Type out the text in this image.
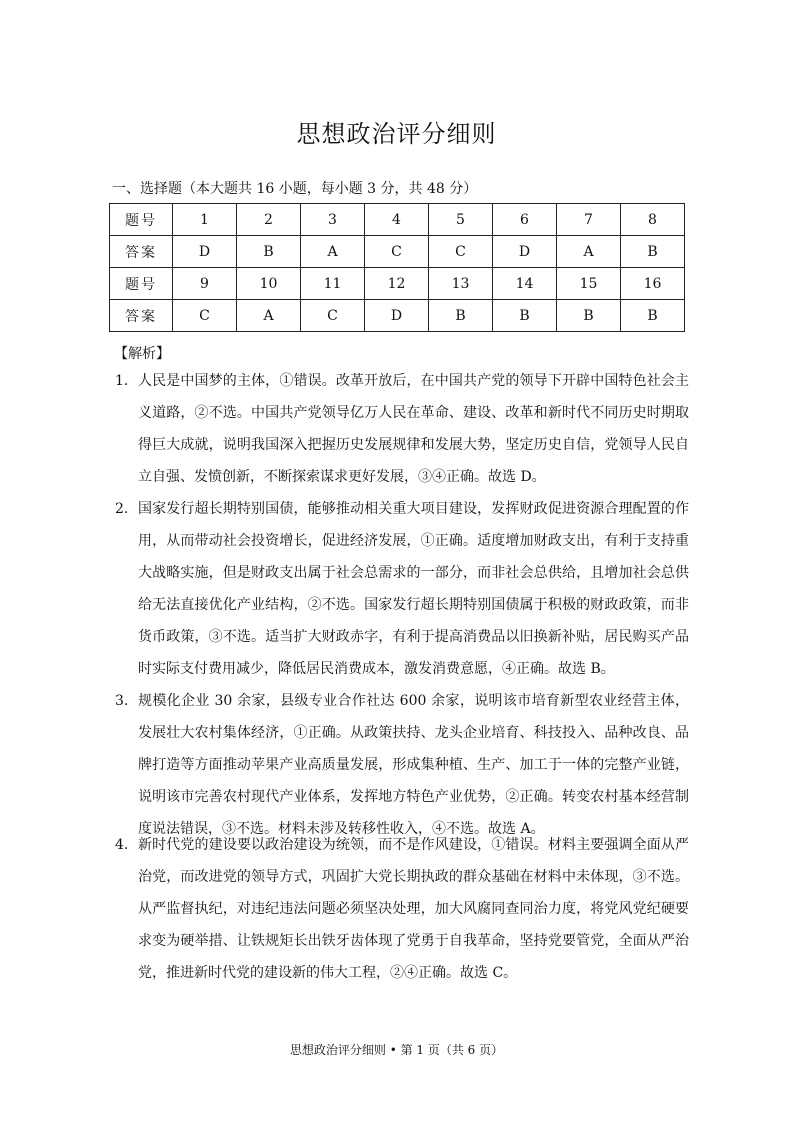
思想政治评分细则
一、选择题（本大题共 16 小题，每小题 3 分，共 48 分）
题号	1	2	3	4	5	6	7	8
答案	D	B	A	C	C	D	A	B
题号	9	10	11	12	13	14	15	16
答案	C	A	C	D	B	B	B	B
【解析】
1. 人民是中国梦的主体，①错误。改革开放后，在中国共产党的领导下开辟中国特色社会主义道路，②不选。中国共产党领导亿万人民在革命、建设、改革和新时代不同历史时期取得巨大成就，说明我国深入把握历史发展规律和发展大势，坚定历史自信，党领导人民自立自强、发愤创新，不断探索谋求更好发展，③④正确。故选 D。
2. 国家发行超长期特别国债，能够推动相关重大项目建设，发挥财政促进资源合理配置的作用，从而带动社会投资增长，促进经济发展，①正确。适度增加财政支出，有利于支持重大战略实施，但是财政支出属于社会总需求的一部分，而非社会总供给，且增加社会总供给无法直接优化产业结构，②不选。国家发行超长期特别国债属于积极的财政政策，而非货币政策，③不选。适当扩大财政赤字，有利于提高消费品以旧换新补贴，居民购买产品时实际支付费用减少，降低居民消费成本，激发消费意愿，④正确。故选 B。
3. 规模化企业 30 余家，县级专业合作社达 600 余家，说明该市培育新型农业经营主体，发展壮大农村集体经济，①正确。从政策扶持、龙头企业培育、科技投入、品种改良、品牌打造等方面推动苹果产业高质量发展，形成集种植、生产、加工于一体的完整产业链，说明该市完善农村现代产业体系，发挥地方特色产业优势，②正确。转变农村基本经营制度说法错误，③不选。材料未涉及转移性收入，④不选。故选 A。
4. 新时代党的建设要以政治建设为统领，而不是作风建设，①错误。材料主要强调全面从严治党，而改进党的领导方式，巩固扩大党长期执政的群众基础在材料中未体现，③不选。从严监督执纪，对违纪违法问题必须坚决处理，加大风腐同查同治力度，将党风党纪硬要求变为硬举措、让铁规矩长出铁牙齿体现了党勇于自我革命，坚持党要管党，全面从严治党，推进新时代党的建设新的伟大工程，②④正确。故选 C。
思想政治评分细则 • 第 1 页（共 6 页）
